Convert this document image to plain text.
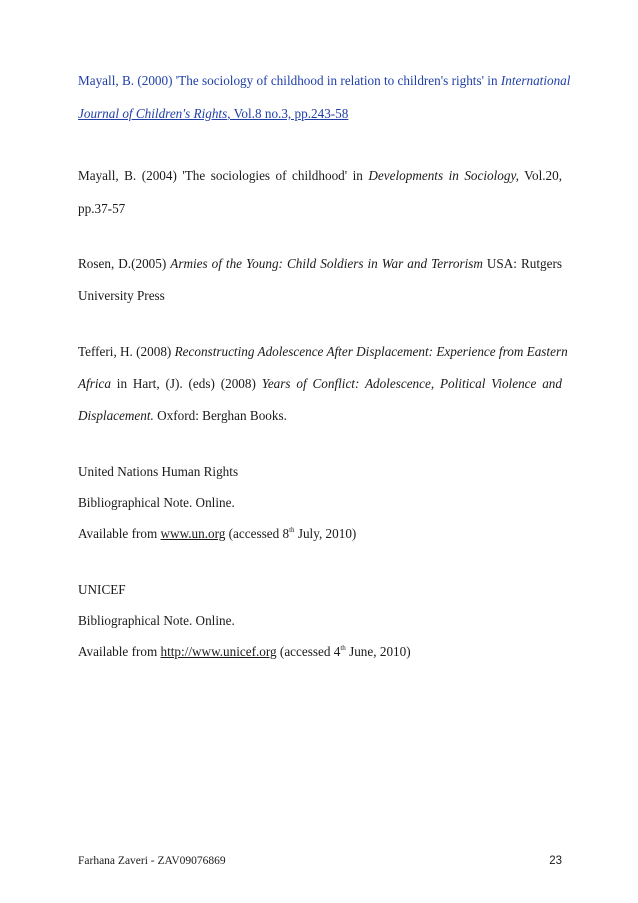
Mayall, B. (2000) 'The sociology of childhood in relation to children's rights' in International
Journal of Children's Rights, Vol.8 no.3, pp.243-58
Mayall, B. (2004) 'The sociologies of childhood' in Developments in Sociology, Vol.20,
pp.37-57
Rosen, D.(2005) Armies of the Young: Child Soldiers in War and Terrorism USA: Rutgers
University Press
Tefferi, H. (2008) Reconstructing Adolescence After Displacement: Experience from Eastern
Africa in Hart, (J). (eds) (2008) Years of Conflict: Adolescence, Political Violence and
Displacement. Oxford: Berghan Books.
United Nations Human Rights
Bibliographical Note. Online.
Available from www.un.org (accessed 8th July, 2010)
UNICEF
Bibliographical Note. Online.
Available from http://www.unicef.org (accessed 4th June, 2010)
Farhana Zaveri - ZAV09076869	23
